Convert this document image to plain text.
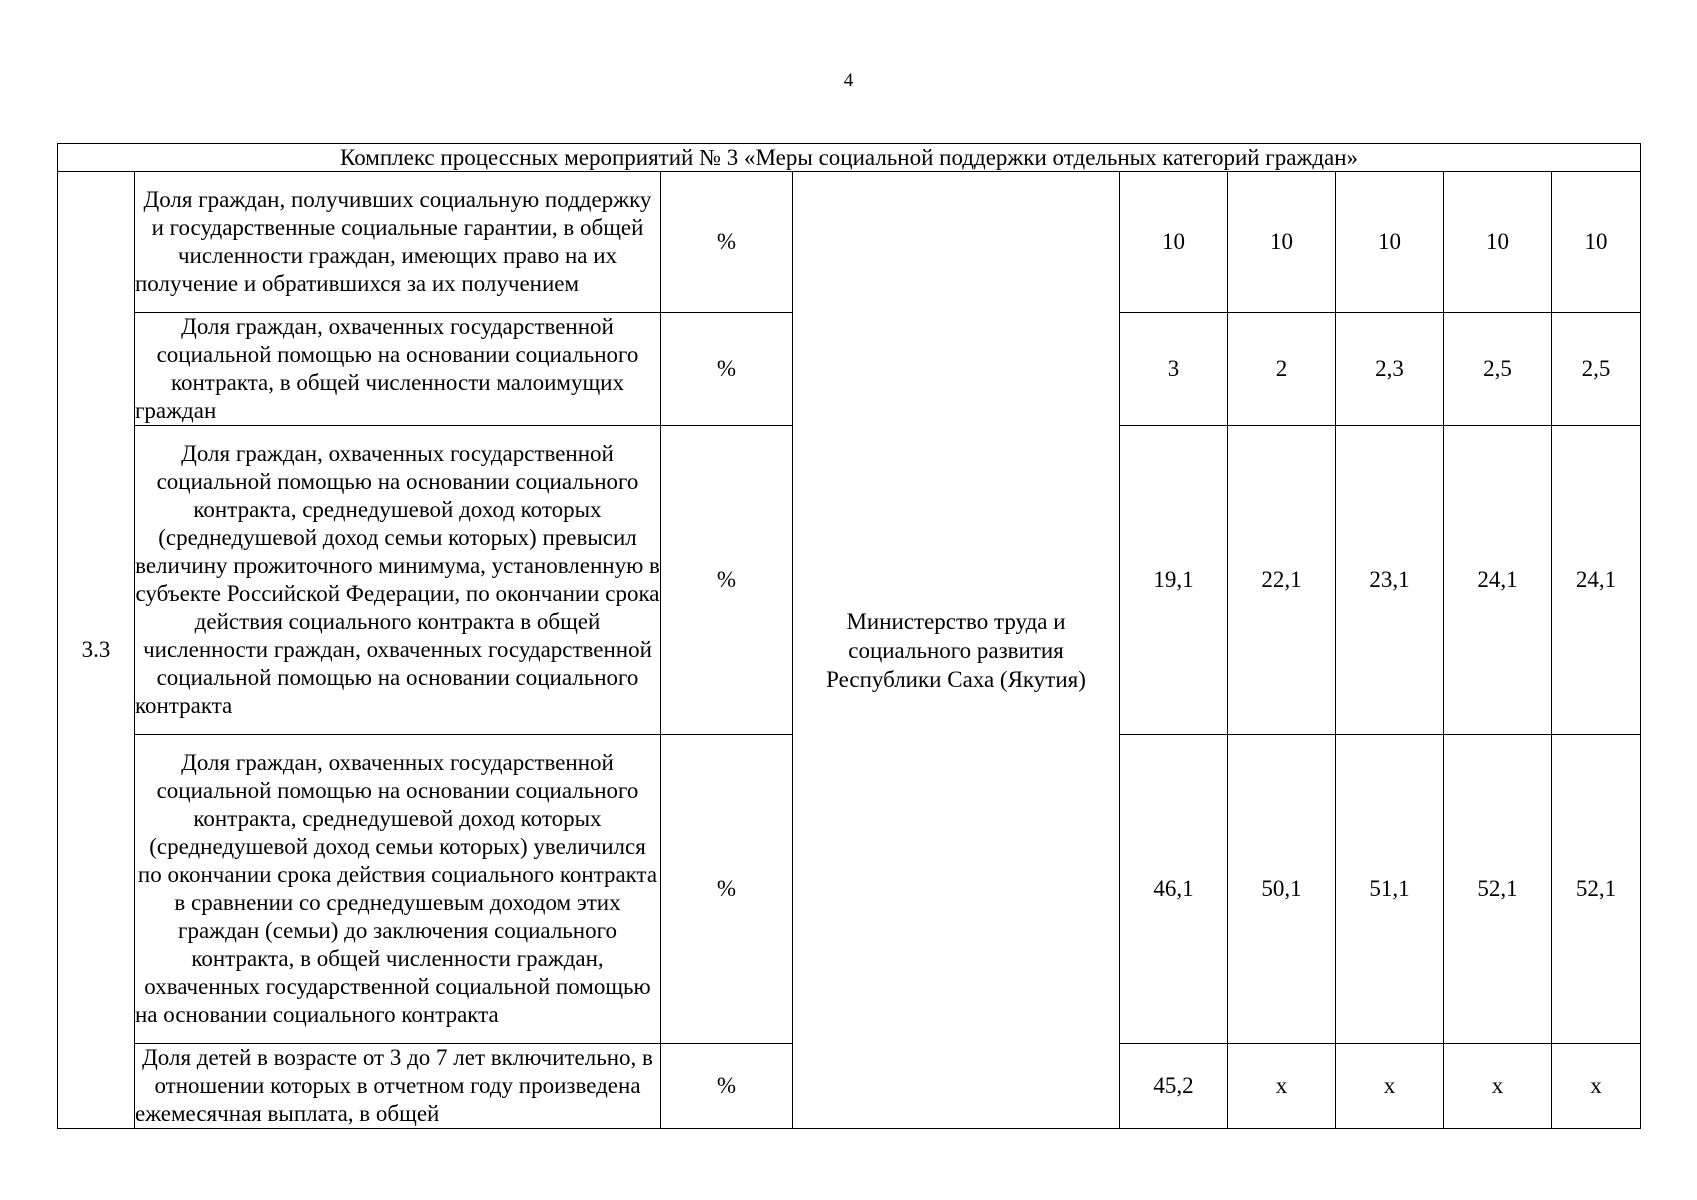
4
Комплекс процессных мероприятий № 3 «Меры социальной поддержки отдельных категорий граждан»								
3.3	Доля граждан, получивших социальную поддержку и государственные социальные гарантии, в общей численности граждан, имеющих право на их получение и обратившихся за их получением	%	Министерство труда и социального развития Республики Саха (Якутия)	10	10	10	10	10
	Доля граждан, охваченных государственной социальной помощью на основании социального контракта, в общей численности малоимущих граждан	%		3	2	2,3	2,5	2,5
	Доля граждан, охваченных государственной социальной помощью на основании социального контракта, среднедушевой доход которых (среднедушевой доход семьи которых) превысил величину прожиточного минимума, установленную в субъекте Российской Федерации, по окончании срока действия социального контракта в общей численности граждан, охваченных государственной социальной помощью на основании социального контракта	%		19,1	22,1	23,1	24,1	24,1
	Доля граждан, охваченных государственной социальной помощью на основании социального контракта, среднедушевой доход которых (среднедушевой доход семьи которых) увеличился по окончании срока действия социального контракта в сравнении со среднедушевым доходом этих граждан (семьи) до заключения социального контракта, в общей численности граждан, охваченных государственной социальной помощью на основании социального контракта	%		46,1	50,1	51,1	52,1	52,1

	Доля детей в возрасте от 3 до 7 лет включительно, в отношении которых в отчетном году произведена ежемесячная выплата, в общей	%		45,2	x	x	x	x
